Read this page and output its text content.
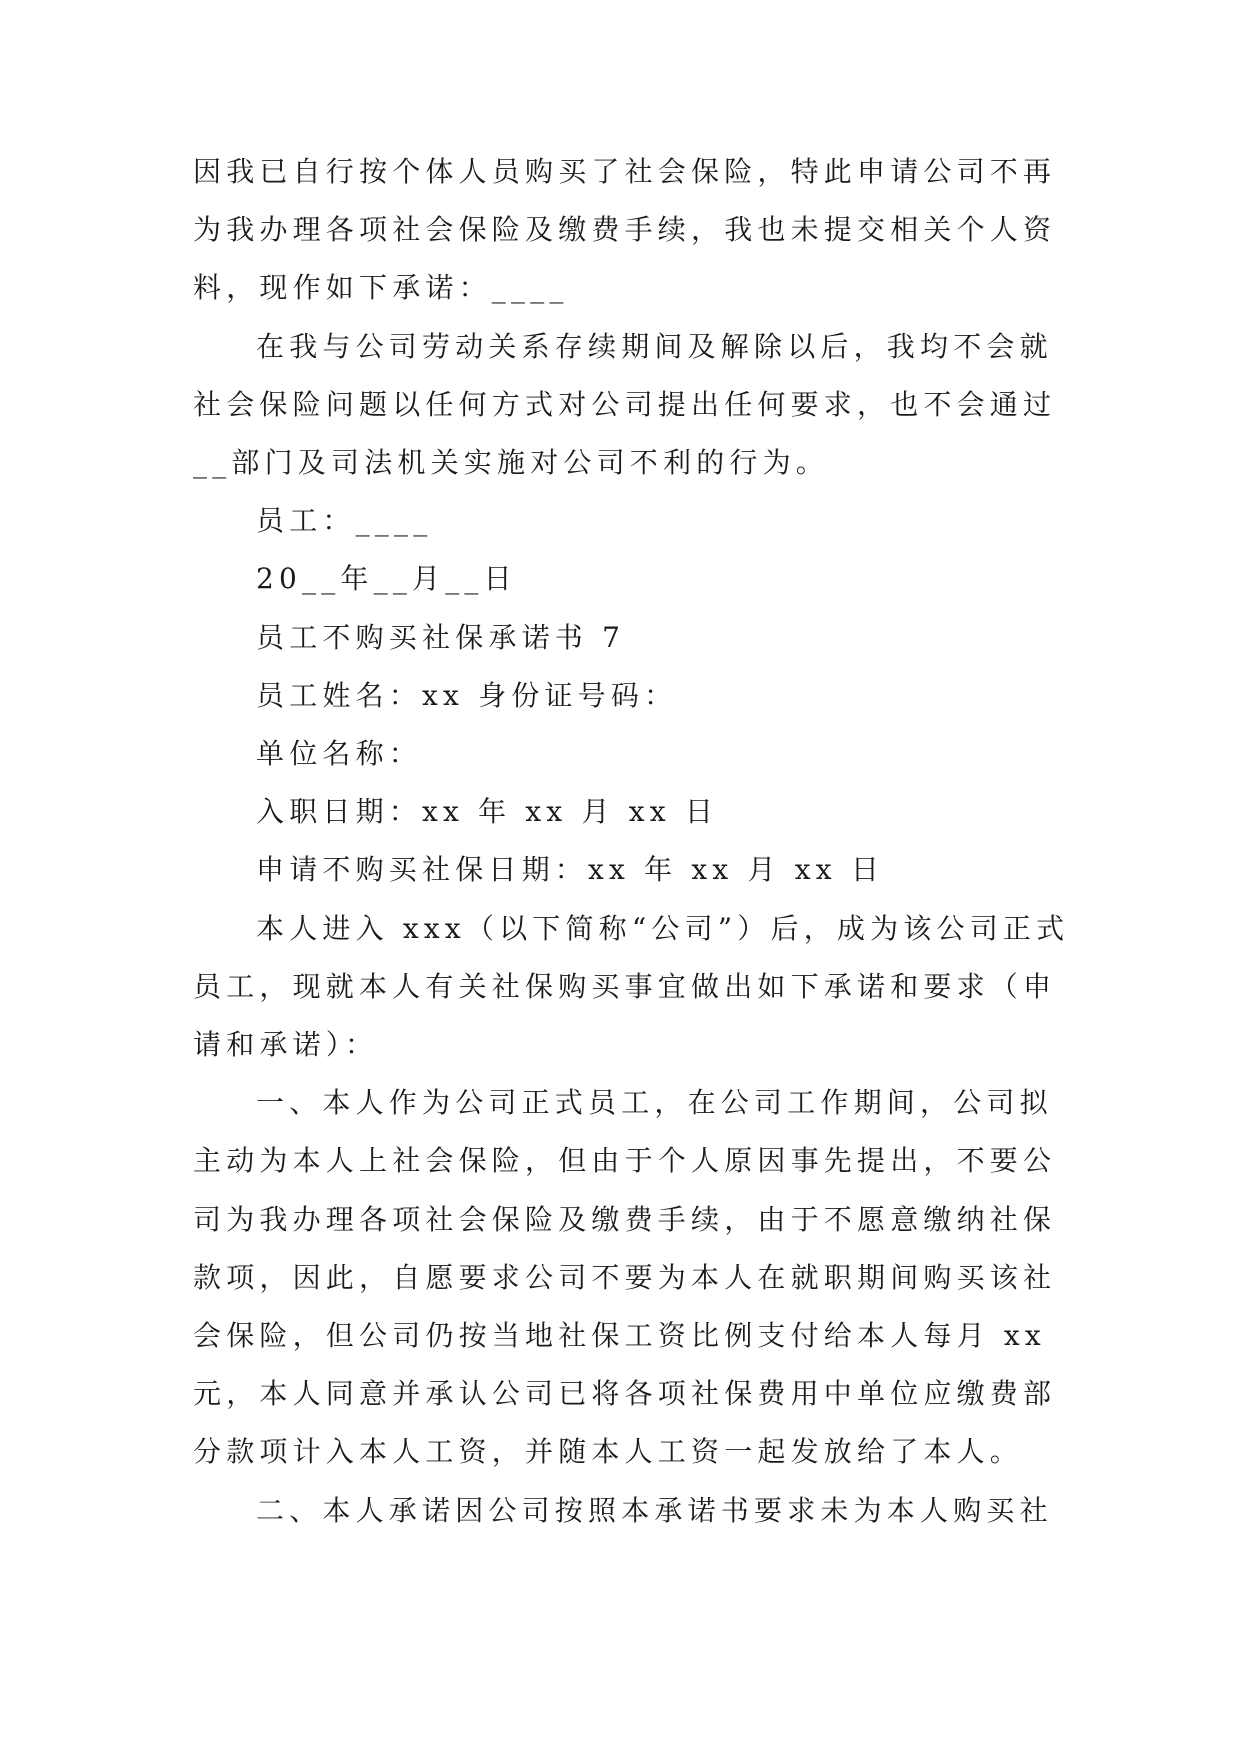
因我已自行按个体人员购买了社会保险，特此申请公司不再
为我办理各项社会保险及缴费手续，我也未提交相关个人资
料，现作如下承诺：____
在我与公司劳动关系存续期间及解除以后，我均不会就
社会保险问题以任何方式对公司提出任何要求，也不会通过
__部门及司法机关实施对公司不利的行为。
员工：____
20__年__月__日
员工不购买社保承诺书 7
员工姓名：xx 身份证号码：
单位名称：
入职日期：xx 年 xx 月 xx 日
申请不购买社保日期：xx 年 xx 月 xx 日
本人进入 xxx（以下简称“公司”）后，成为该公司正式
员工，现就本人有关社保购买事宜做出如下承诺和要求（申
请和承诺）：
一、本人作为公司正式员工，在公司工作期间，公司拟
主动为本人上社会保险，但由于个人原因事先提出，不要公
司为我办理各项社会保险及缴费手续，由于不愿意缴纳社保
款项，因此，自愿要求公司不要为本人在就职期间购买该社
会保险，但公司仍按当地社保工资比例支付给本人每月 xx
元，本人同意并承认公司已将各项社保费用中单位应缴费部
分款项计入本人工资，并随本人工资一起发放给了本人。
二、本人承诺因公司按照本承诺书要求未为本人购买社
